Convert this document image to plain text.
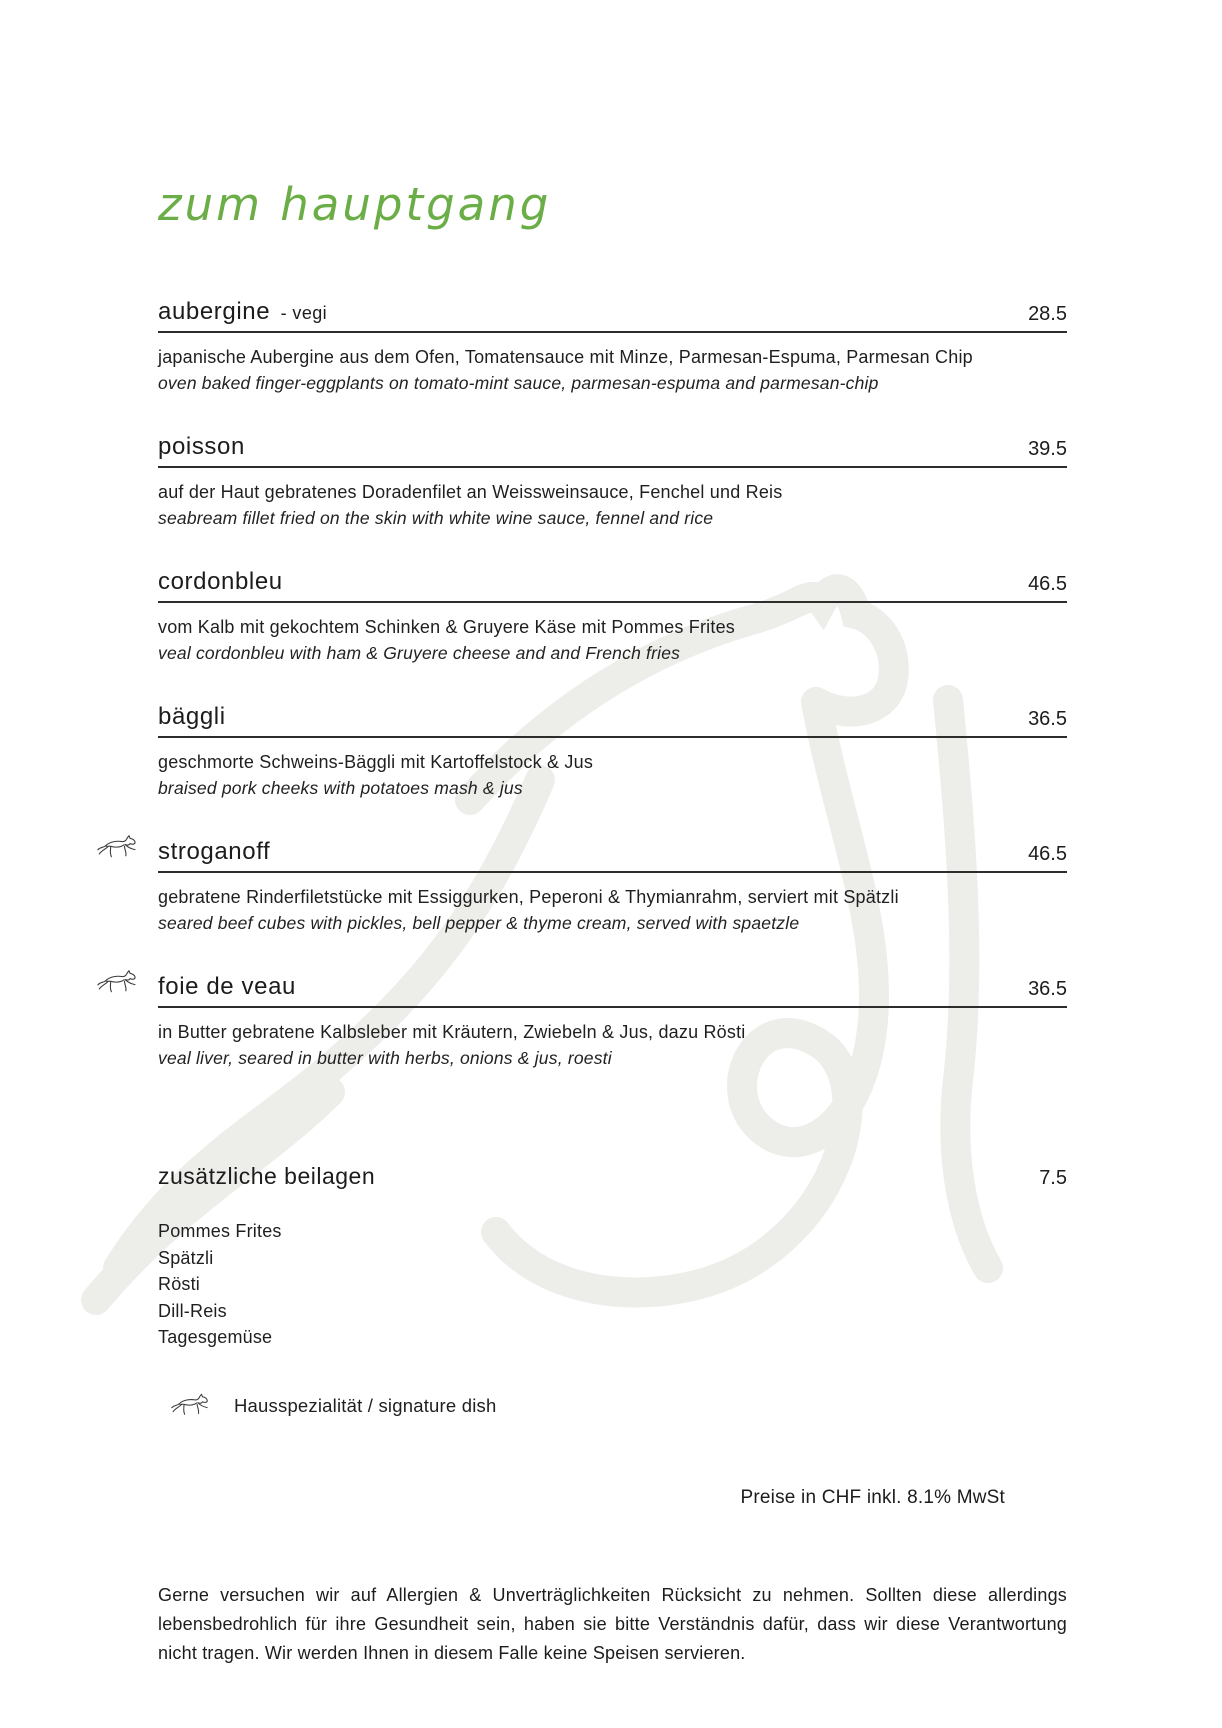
zum hauptgang
aubergine - vegi	28.5
japanische Aubergine aus dem Ofen, Tomatensauce mit Minze, Parmesan-Espuma, Parmesan Chip
oven baked finger-eggplants on tomato-mint sauce, parmesan-espuma and parmesan-chip
poisson	39.5
auf der Haut gebratenes Doradenfilet an Weissweinsauce, Fenchel und Reis
seabream fillet fried on the skin with white wine sauce, fennel and rice
cordonbleu	46.5
vom Kalb mit gekochtem Schinken & Gruyere Käse mit Pommes Frites
veal cordonbleu with ham & Gruyere cheese and and French fries
bäggli	36.5
geschmorte Schweins-Bäggli mit Kartoffelstock & Jus
braised pork cheeks with potatoes mash & jus
stroganoff	46.5
gebratene Rinderfiletstücke mit Essiggurken, Peperoni & Thymianrahm, serviert mit Spätzli
seared beef cubes with pickles, bell pepper & thyme cream, served with spaetzle
foie de veau	36.5
in Butter gebratene Kalbsleber mit Kräutern, Zwiebeln & Jus, dazu Rösti
veal liver, seared in butter with herbs, onions & jus, roesti
zusätzliche beilagen	7.5
Pommes Frites
Spätzli
Rösti
Dill-Reis
Tagesgemüse
Hausspezialität / signature dish
Preise in CHF inkl. 8.1% MwSt
Gerne versuchen wir auf Allergien & Unverträglichkeiten Rücksicht zu nehmen. Sollten diese allerdings lebensbedrohlich für ihre Gesundheit sein, haben sie bitte Verständnis dafür, dass wir diese Verantwortung nicht tragen. Wir werden Ihnen in diesem Falle keine Speisen servieren.
